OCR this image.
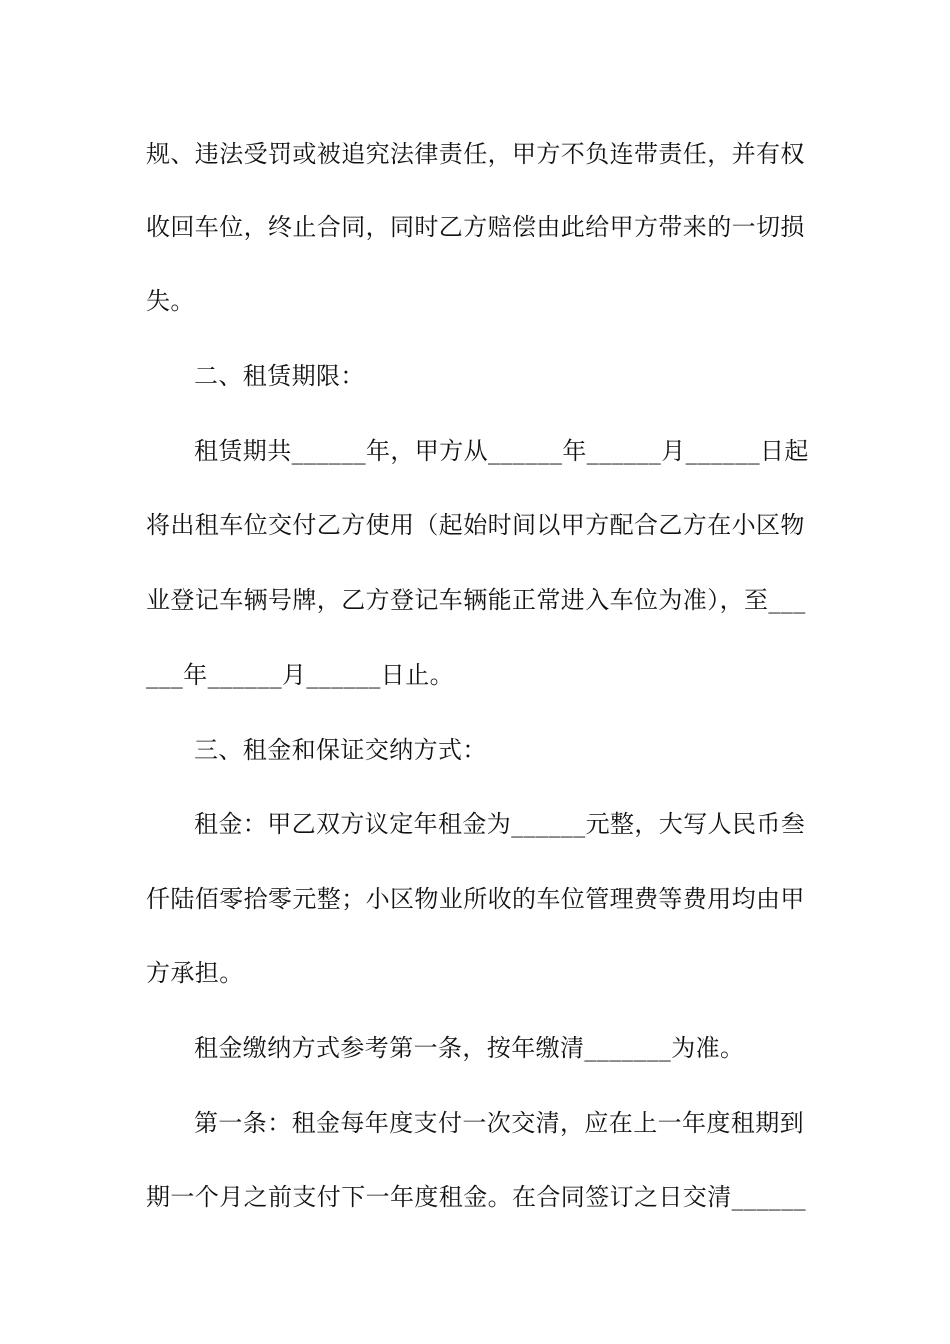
规、违法受罚或被追究法律责任，甲方不负连带责任，并有权
收回车位，终止合同，同时乙方赔偿由此给甲方带来的一切损
失。
二、租赁期限：
租赁期共______年，甲方从______年______月______日起
将出租车位交付乙方使用（起始时间以甲方配合乙方在小区物
业登记车辆号牌，乙方登记车辆能正常进入车位为准），至___
___年______月______日止。
三、租金和保证交纳方式：
租金：甲乙双方议定年租金为______元整，大写人民币叁
仟陆佰零拾零元整；小区物业所收的车位管理费等费用均由甲
方承担。
租金缴纳方式参考第一条，按年缴清_______为准。
第一条：租金每年度支付一次交清，应在上一年度租期到
期一个月之前支付下一年度租金。在合同签订之日交清______
